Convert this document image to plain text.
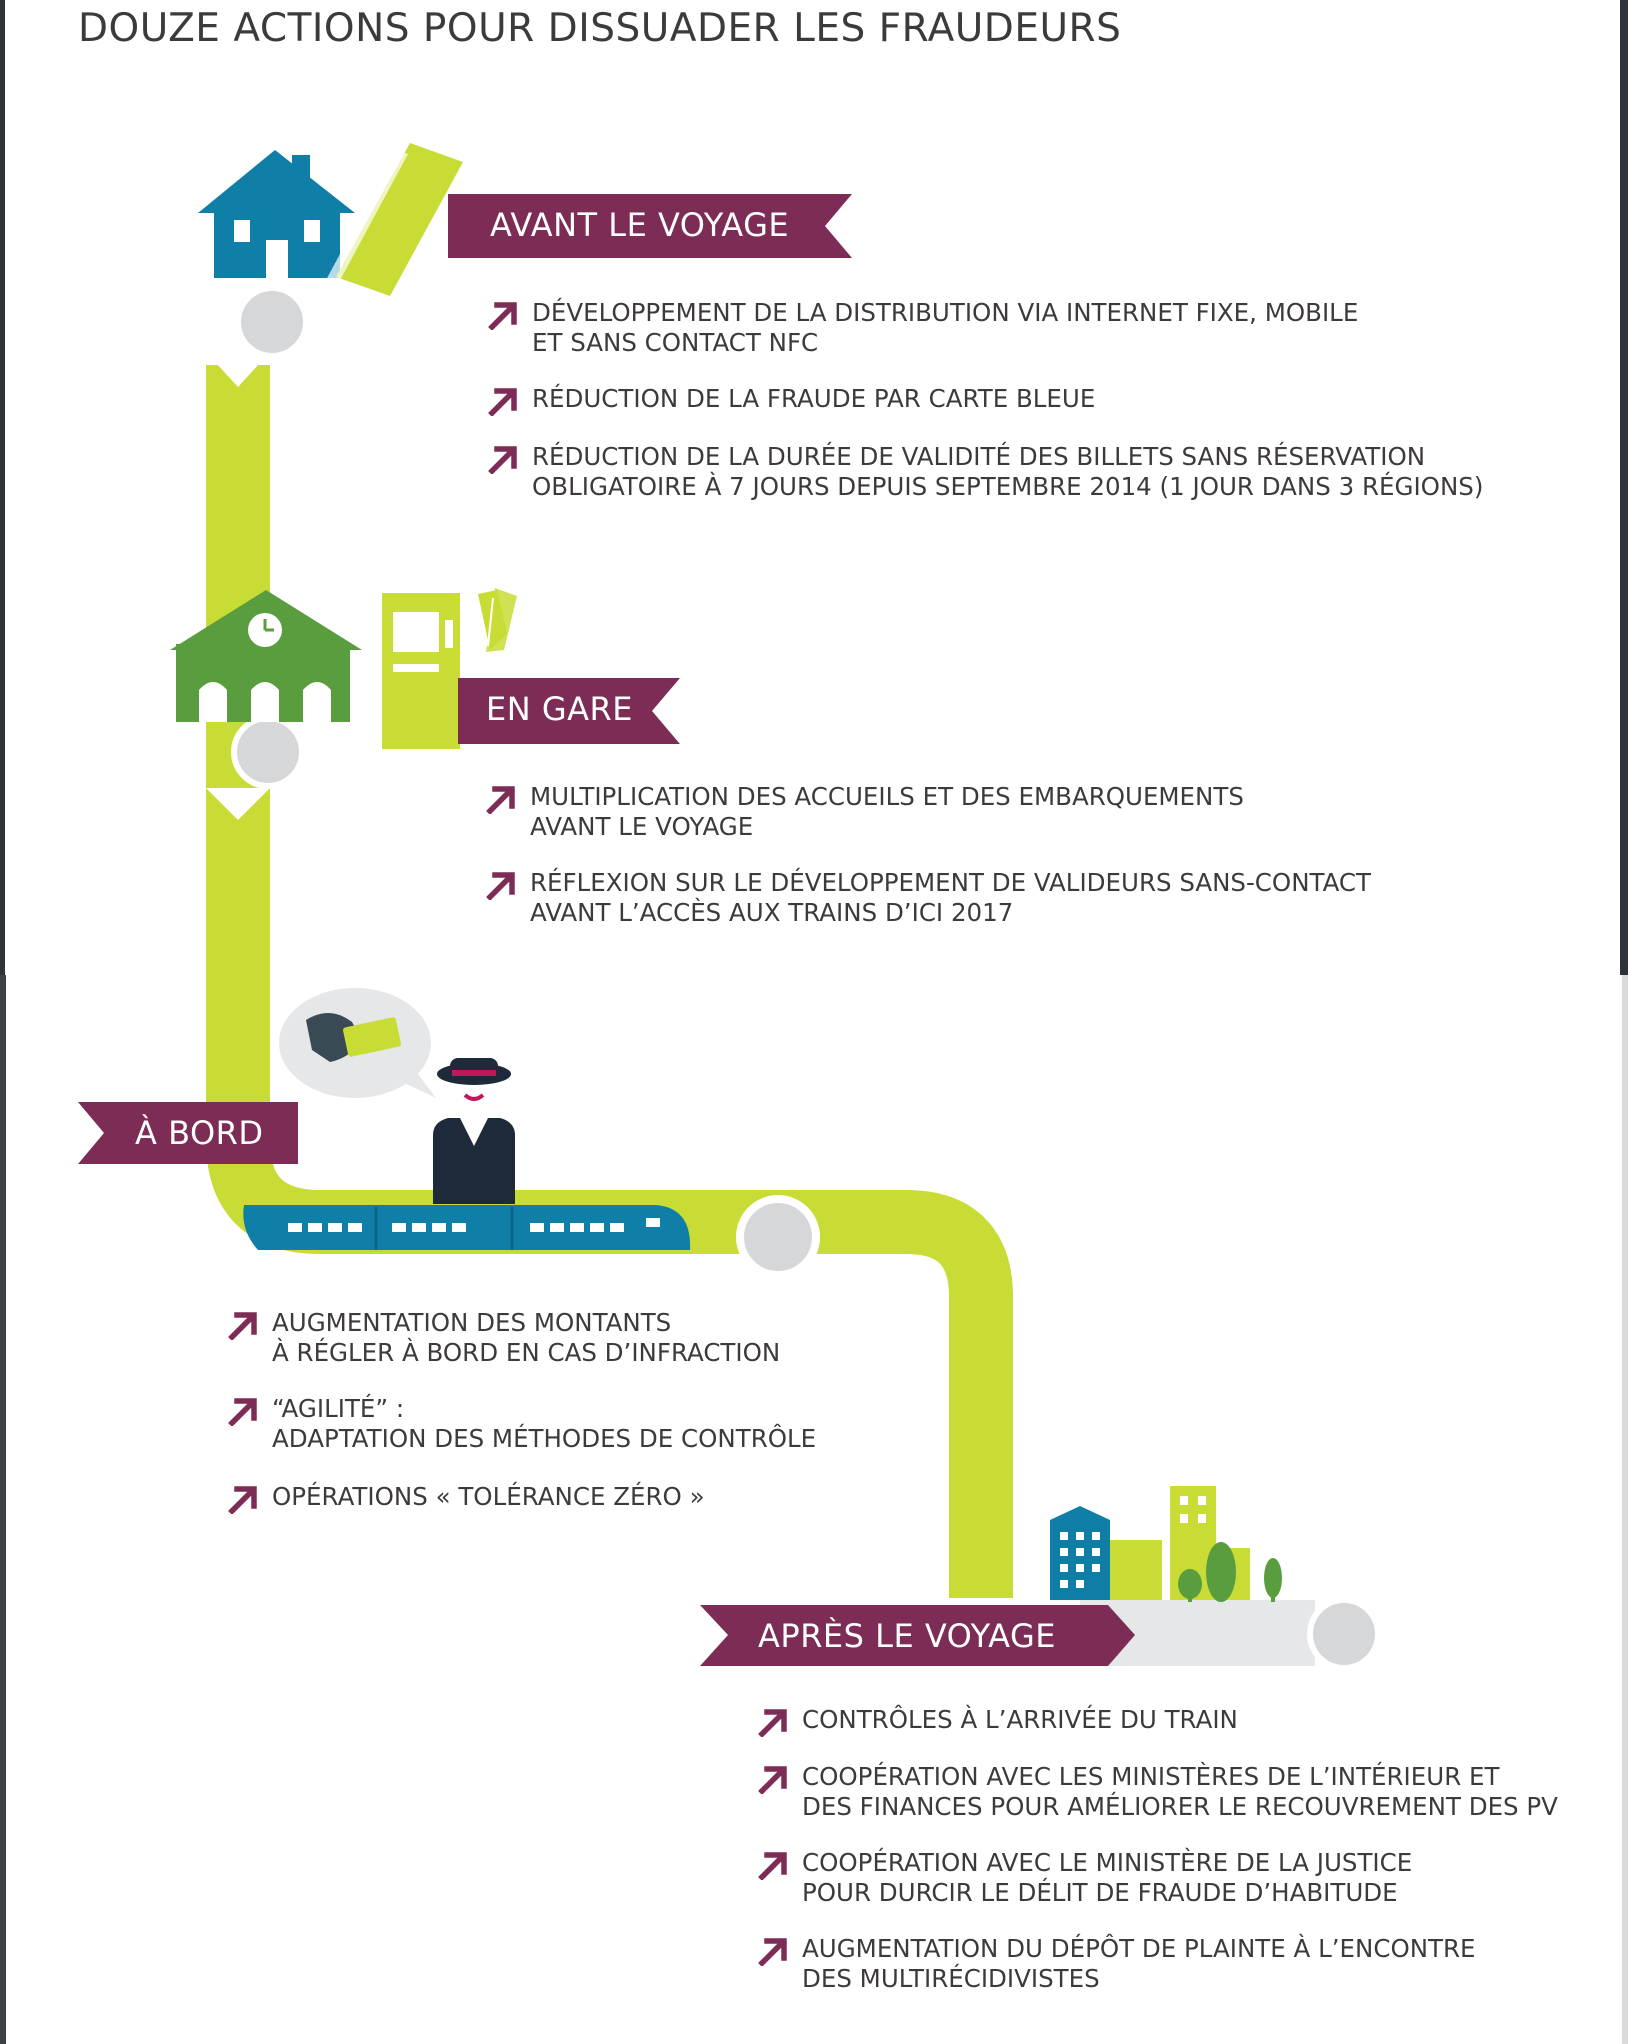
DOUZE ACTIONS POUR DISSUADER LES FRAUDEURS
AVANT LE VOYAGE
EN GARE
À BORD
APRÈS LE VOYAGE
DÉVELOPPEMENT DE LA DISTRIBUTION VIA INTERNET FIXE, MOBILE
ET SANS CONTACT NFC
RÉDUCTION DE LA FRAUDE PAR CARTE BLEUE
RÉDUCTION DE LA DURÉE DE VALIDITÉ DES BILLETS SANS RÉSERVATION
OBLIGATOIRE À 7 JOURS DEPUIS SEPTEMBRE 2014 (1 JOUR DANS 3 RÉGIONS)
MULTIPLICATION DES ACCUEILS ET DES EMBARQUEMENTS
AVANT LE VOYAGE
RÉFLEXION SUR LE DÉVELOPPEMENT DE VALIDEURS SANS-CONTACT
AVANT L’ACCÈS AUX TRAINS D’ICI 2017
AUGMENTATION DES MONTANTS
À RÉGLER À BORD EN CAS D’INFRACTION
“AGILITÉ” :
ADAPTATION DES MÉTHODES DE CONTRÔLE
OPÉRATIONS « TOLÉRANCE ZÉRO »
CONTRÔLES À L’ARRIVÉE DU TRAIN
COOPÉRATION AVEC LES MINISTÈRES DE L’INTÉRIEUR ET
DES FINANCES POUR AMÉLIORER LE RECOUVREMENT DES PV
COOPÉRATION AVEC LE MINISTÈRE DE LA JUSTICE
POUR DURCIR LE DÉLIT DE FRAUDE D’HABITUDE
AUGMENTATION DU DÉPÔT DE PLAINTE À L’ENCONTRE
DES MULTIRÉCIDIVISTES
